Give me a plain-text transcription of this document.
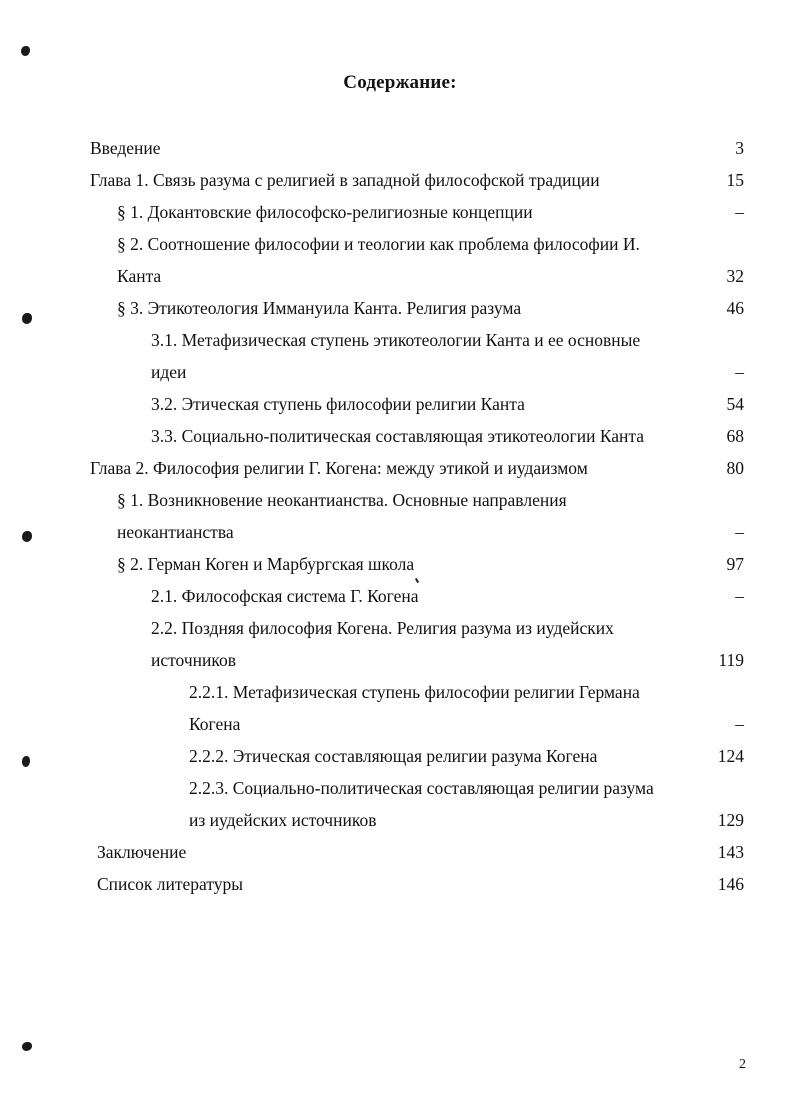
Содержание:
Введение	3
Глава 1. Связь разума с религией в западной философской традиции	15
§ 1. Докантовские философско-религиозные концепции	–
§ 2. Соотношение философии и теологии как проблема философии И.
Канта	32
§ 3. Этикотеология Иммануила Канта. Религия разума	46
3.1. Метафизическая ступень этикотеологии Канта и ее основные
идеи	–
3.2. Этическая ступень философии религии Канта	54
3.3. Социально-политическая составляющая этикотеологии Канта	68
Глава 2. Философия религии Г. Когена: между этикой и иудаизмом	80
§ 1. Возникновение неокантианства. Основные направления
неокантианства	–
§ 2. Герман Коген и Марбургская школа	97
2.1. Философская система Г. Когена	–
2.2. Поздняя философия Когена. Религия разума из иудейских
источников	119
2.2.1. Метафизическая ступень философии религии Германа
Когена	–
2.2.2. Этическая составляющая религии разума Когена	124
2.2.3. Социально-политическая составляющая религии разума
из иудейских источников	129
Заключение	143
Список литературы	146
2
